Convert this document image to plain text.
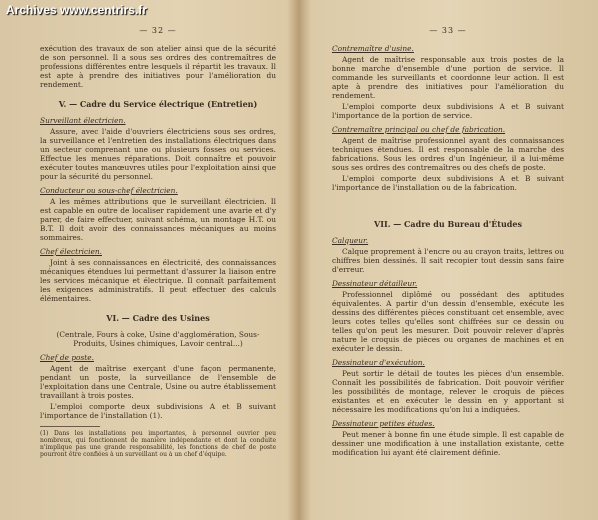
Archives www.centrirs.fr
— 32 —

exécution des travaux de son atelier ainsi que de la sécurité de son personnel. Il a sous ses ordres des contremaîtres de professions différentes entre lesquels il répartit les travaux. Il est apte à prendre des initiatives pour l'amélioration du rendement.

V. — Cadre du Service électrique (Entretien)
Surveillant électricien.

Assure, avec l'aide d'ouvriers électriciens sous ses ordres, la surveillance et l'entretien des installations électriques dans un secteur comprenant une ou plusieurs fosses ou services. Effectue les menues réparations. Doit connaître et pouvoir exécuter toutes manœuvres utiles pour l'exploitation ainsi que pour la sécurité du personnel.

Conducteur ou sous-chef électricien.

A les mêmes attributions que le surveillant électricien. Il est capable en outre de localiser rapidement une avarie et d'y parer, de faire effectuer, suivant schéma, un montage H.T. ou B.T. Il doit avoir des connaissances mécaniques au moins sommaires.

Chef électricien.

Joint à ses connaissances en électricité, des connaissances mécaniques étendues lui permettant d'assurer la liaison entre les services mécanique et électrique. Il connaît parfaitement les exigences administratifs. Il peut effectuer des calculs élémentaires.

VI. — Cadre des Usines

(Centrale, Fours à coke, Usine d'agglomération, Sous-Produits, Usines chimiques, Lavoir central...)

Chef de poste.

Agent de maîtrise exerçant d'une façon permanente, pendant un poste, la surveillance de l'ensemble de l'exploitation dans une Centrale, Usine ou autre établissement travaillant à trois postes.

L'emploi comporte deux subdivisions A et B suivant l'importance de l'installation (1).

(1) Dans les installations peu importantes, à personnel ouvrier peu nombreux, qui fonctionnent de manière indépendante et dont la conduite n'implique pas une grande responsabilité, les fonctions de chef de poste pourront être confiées à un surveillant ou à un chef d'équipe.

— 33 —
Contremaître d'usine.

Agent de maîtrise responsable aux trois postes de la bonne marche d'ensemble d'une portion de service. Il commande les surveillants et coordonne leur action. Il est apte à prendre des initiatives pour l'amélioration du rendement.

L'emploi comporte deux subdivisions A et B suivant l'importance de la portion de service.

Contremaître principal ou chef de fabrication.

Agent de maîtrise professionnel ayant des connaissances techniques étendues. Il est responsable de la marche des fabrications. Sous les ordres d'un Ingénieur, il a lui-même sous ses ordres des contremaîtres ou des chefs de poste.

L'emploi comporte deux subdivisions A et B suivant l'importance de l'installation ou de la fabrication.

VII. — Cadre du Bureau d'Études
Calqueur.

Calque proprement à l'encre ou au crayon traits, lettres ou chiffres bien dessinés. Il sait recopier tout dessin sans faire d'erreur.

Dessinateur détailleur.

Professionnel diplômé ou possédant des aptitudes équivalentes. A partir d'un dessin d'ensemble, exécute les dessins des différentes pièces constituant cet ensemble, avec leurs cotes telles qu'elles sont chiffrées sur ce dessin ou telles qu'on peut les mesurer. Doit pouvoir relever d'après nature le croquis de pièces ou organes de machines et en exécuter le dessin.

Dessinateur d'exécution.

Peut sortir le détail de toutes les pièces d'un ensemble. Connaît les possibilités de fabrication. Doit pouvoir vérifier les possibilités de montage, relever le croquis de pièces existantes et en exécuter le dessin en y apportant si nécessaire les modifications qu'on lui a indiquées.

Dessinateur petites études.

Peut mener à bonne fin une étude simple. Il est capable de dessiner une modification à une installation existante, cette modification lui ayant été clairement définie.
